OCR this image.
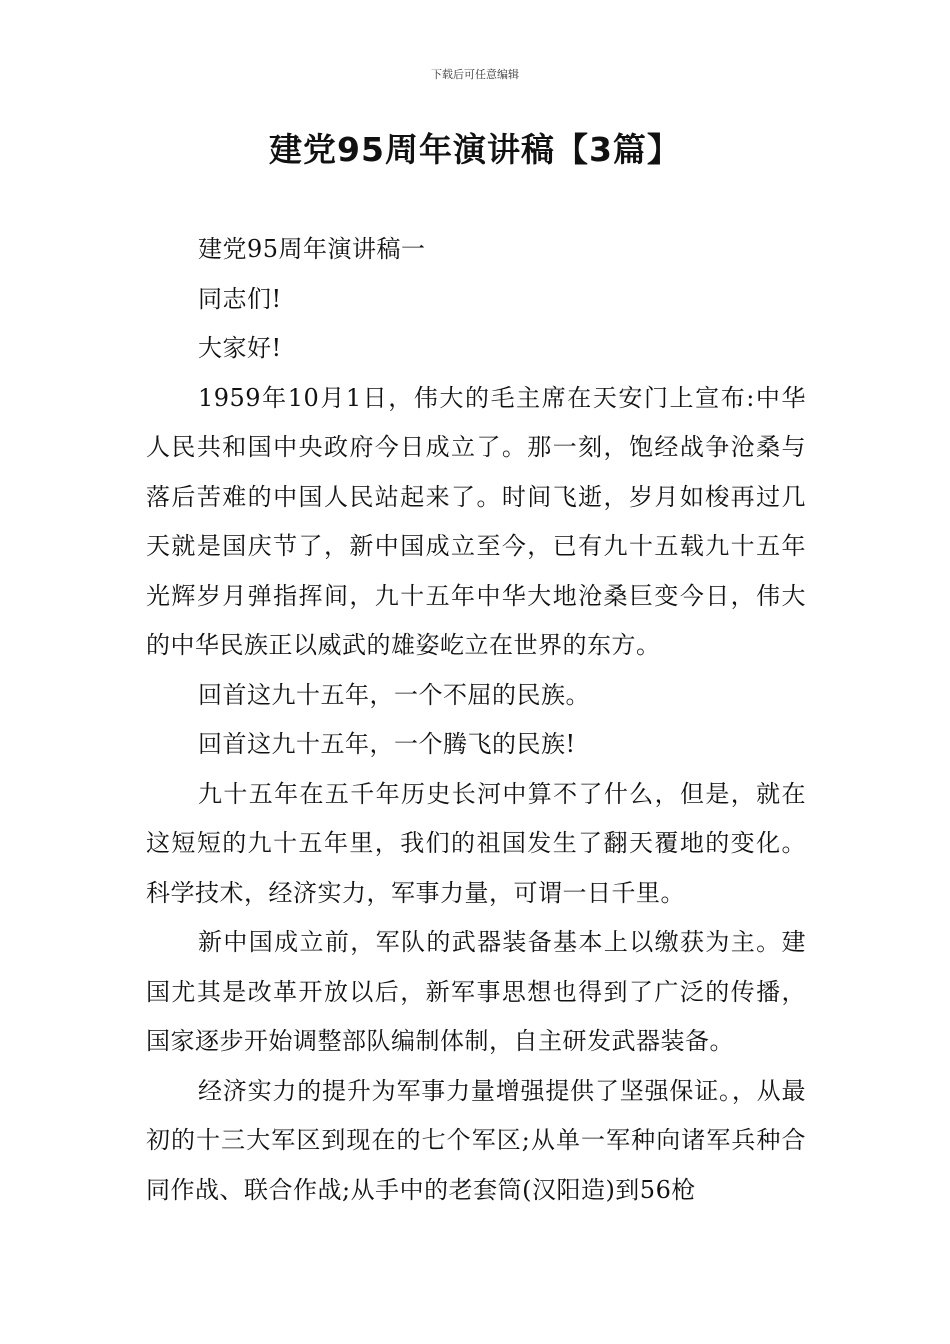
下载后可任意编辑
建党95周年演讲稿【3篇】

建党95周年演讲稿一

同志们!

大家好!

1959年10月1日，伟大的毛主席在天安门上宣布:中华人民共和国中央政府今日成立了。那一刻，饱经战争沧桑与落后苦难的中国人民站起来了。时间飞逝，岁月如梭再过几天就是国庆节了，新中国成立至今，已有九十五载九十五年光辉岁月弹指挥间，九十五年中华大地沧桑巨变今日，伟大的中华民族正以威武的雄姿屹立在世界的东方。

回首这九十五年，一个不屈的民族。

回首这九十五年，一个腾飞的民族!

九十五年在五千年历史长河中算不了什么，但是，就在这短短的九十五年里，我们的祖国发生了翻天覆地的变化。科学技术，经济实力，军事力量，可谓一日千里。

新中国成立前，军队的武器装备基本上以缴获为主。建国尤其是改革开放以后，新军事思想也得到了广泛的传播，国家逐步开始调整部队编制体制，自主研发武器装备。

经济实力的提升为军事力量增强提供了坚强保证。，从最初的十三大军区到现在的七个军区;从单一军种向诸军兵种合同作战、联合作战;从手中的老套筒(汉阳造)到56枪
